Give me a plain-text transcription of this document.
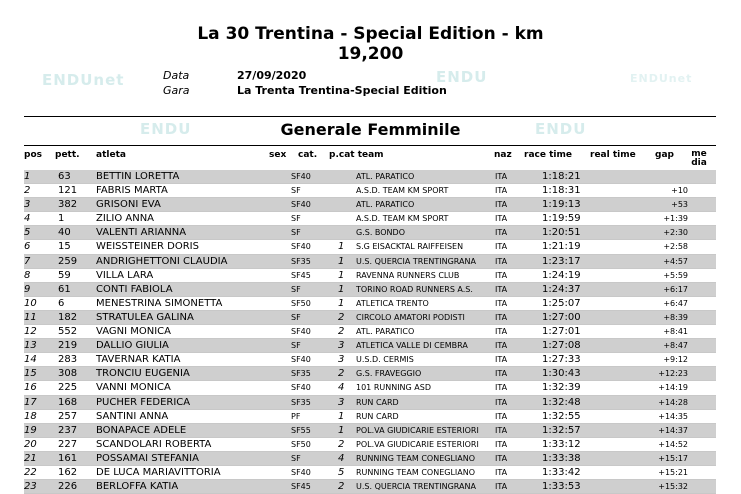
La 30 Trentina - Special Edition - km
19,200
ENDUnet	ENDU	ENDUnet
ENDU	ENDU
Data	27/09/2020
Gara	La Trenta Trentina-Special Edition
Generale Femminile
pos pett. atleta	sex cat. p.cat team	naz race time real time gap media
1	63	BETTIN LORETTA	SF40	ATL. PARATICO	ITA	1:18:21
2	121 FABRIS MARTA	SF	A.S.D. TEAM KM SPORT	ITA	1:18:31	+10
3	382 GRISONI EVA	SF40	ATL. PARATICO	ITA	1:19:13	+53
4	1	ZILIO ANNA	SF	A.S.D. TEAM KM SPORT	ITA	1:19:59	+1:39
5	40	VALENTI ARIANNA	SF	G.S. BONDO	ITA	1:20:51	+2:30
6	15	WEISSTEINER DORIS	SF40	1 S.G EISACKTAL RAIFFEISEN	ITA	1:21:19	+2:58
7	259 ANDRIGHETTONI CLAUDIA	SF35	1 U.S. QUERCIA TRENTINGRANA ITA	1:23:17	+4:57
8	59	VILLA LARA	SF45	1 RAVENNA RUNNERS CLUB	ITA	1:24:19	+5:59
9	61	CONTI FABIOLA	SF	1 TORINO ROAD RUNNERS A.S.	ITA	1:24:37	+6:17
10 6	MENESTRINA SIMONETTA	SF50	1 ATLETICA TRENTO	ITA	1:25:07	+6:47
11 182 STRATULEA GALINA	SF	2 CIRCOLO AMATORI PODISTI	ITA	1:27:00	+8:39
12 552 VAGNI MONICA	SF40	2 ATL. PARATICO	ITA	1:27:01	+8:41
13 219 DALLIO GIULIA	SF	3 ATLETICA VALLE DI CEMBRA	ITA	1:27:08	+8:47
14 283 TAVERNAR KATIA	SF40	3 U.S.D. CERMIS	ITA	1:27:33	+9:12
15 308 TRONCIU EUGENIA	SF35	2 G.S. FRAVEGGIO	ITA	1:30:43	+12:23
16 225 VANNI MONICA	SF40	4 101 RUNNING ASD	ITA	1:32:39	+14:19
17 168 PUCHER FEDERICA	SF35	3 RUN CARD	ITA	1:32:48	+14:28
18 257 SANTINI ANNA	PF	1 RUN CARD	ITA	1:32:55	+14:35
19 237 BONAPACE ADELE	SF55	1 POL.VA GIUDICARIE ESTERIORI ITA	1:32:57	+14:37
20 227 SCANDOLARI ROBERTA	SF50	2 POL.VA GIUDICARIE ESTERIORI ITA	1:33:12	+14:52
21 161 POSSAMAI STEFANIA	SF	4 RUNNING TEAM CONEGLIANO ITA	1:33:38	+15:17
22 162 DE LUCA MARIAVITTORIA	SF40	5 RUNNING TEAM CONEGLIANO ITA	1:33:42	+15:21
23 226 BERLOFFA KATIA	SF45	2 U.S. QUERCIA TRENTINGRANA ITA	1:33:53	+15:32
